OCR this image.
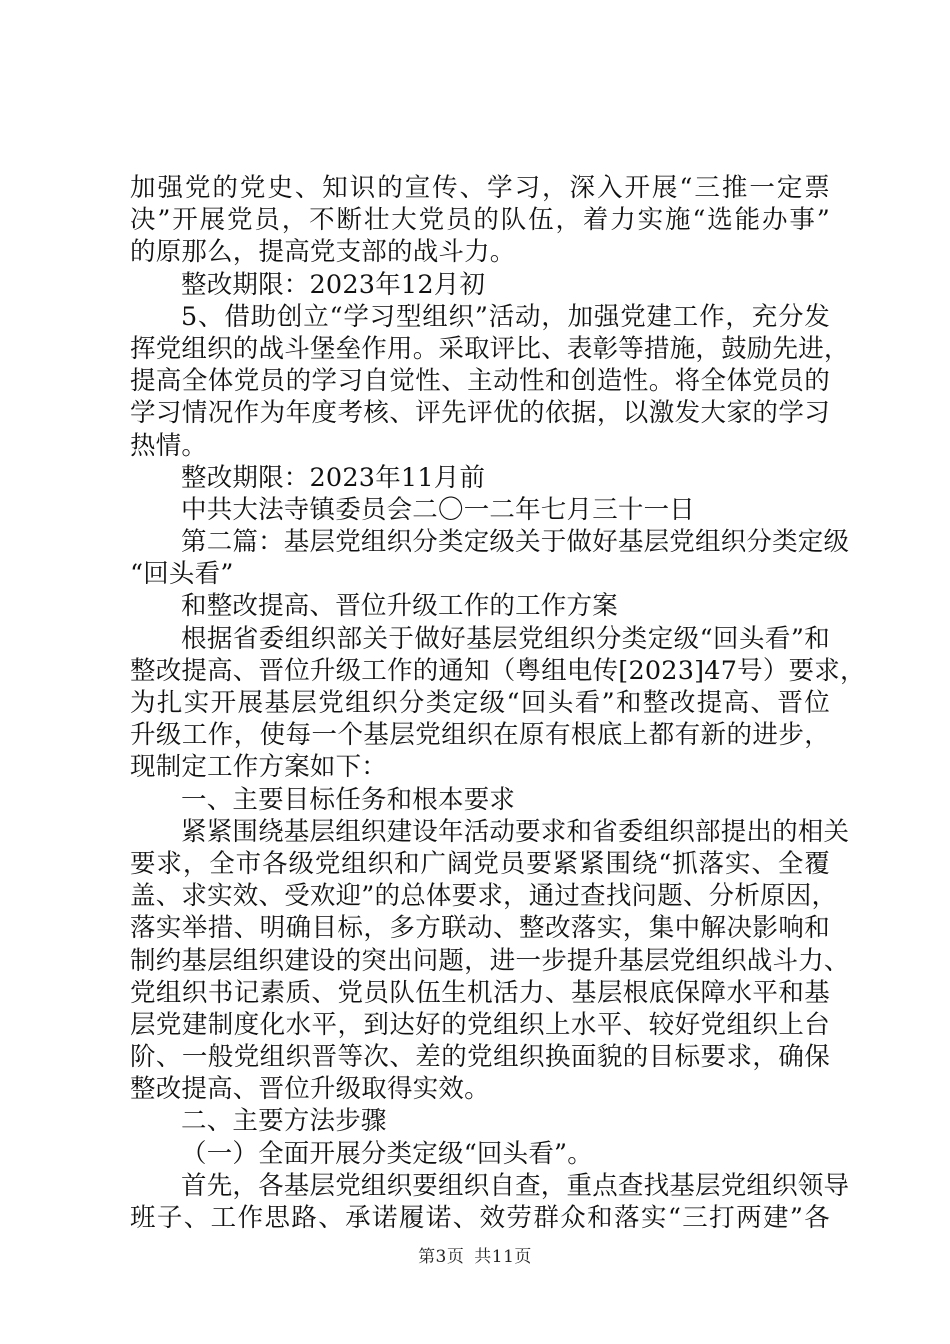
加强党的党史、知识的宣传、学习，深入开展“三推一定票
决”开展党员，不断壮大党员的队伍，着力实施“选能办事”
的原那么，提高党支部的战斗力。
整改期限：2023年12月初
5、借助创立“学习型组织”活动，加强党建工作，充分发
挥党组织的战斗堡垒作用。采取评比、表彰等措施，鼓励先进，
提高全体党员的学习自觉性、主动性和创造性。将全体党员的
学习情况作为年度考核、评先评优的依据，以激发大家的学习
热情。
整改期限：2023年11月前
中共大法寺镇委员会二〇一二年七月三十一日
第二篇：基层党组织分类定级关于做好基层党组织分类定级
“回头看”
和整改提高、晋位升级工作的工作方案
根据省委组织部关于做好基层党组织分类定级“回头看”和
整改提高、晋位升级工作的通知（粤组电传[2023]47号）要求，
为扎实开展基层党组织分类定级“回头看”和整改提高、晋位
升级工作，使每一个基层党组织在原有根底上都有新的进步，
现制定工作方案如下：
一、主要目标任务和根本要求
紧紧围绕基层组织建设年活动要求和省委组织部提出的相关
要求，全市各级党组织和广阔党员要紧紧围绕“抓落实、全覆
盖、求实效、受欢迎”的总体要求，通过查找问题、分析原因，
落实举措、明确目标，多方联动、整改落实，集中解决影响和
制约基层组织建设的突出问题，进一步提升基层党组织战斗力、
党组织书记素质、党员队伍生机活力、基层根底保障水平和基
层党建制度化水平，到达好的党组织上水平、较好党组织上台
阶、一般党组织晋等次、差的党组织换面貌的目标要求，确保
整改提高、晋位升级取得实效。
二、主要方法步骤
（一）全面开展分类定级“回头看”。
首先，各基层党组织要组织自查，重点查找基层党组织领导
班子、工作思路、承诺履诺、效劳群众和落实“三打两建”各
第3页 共11页
